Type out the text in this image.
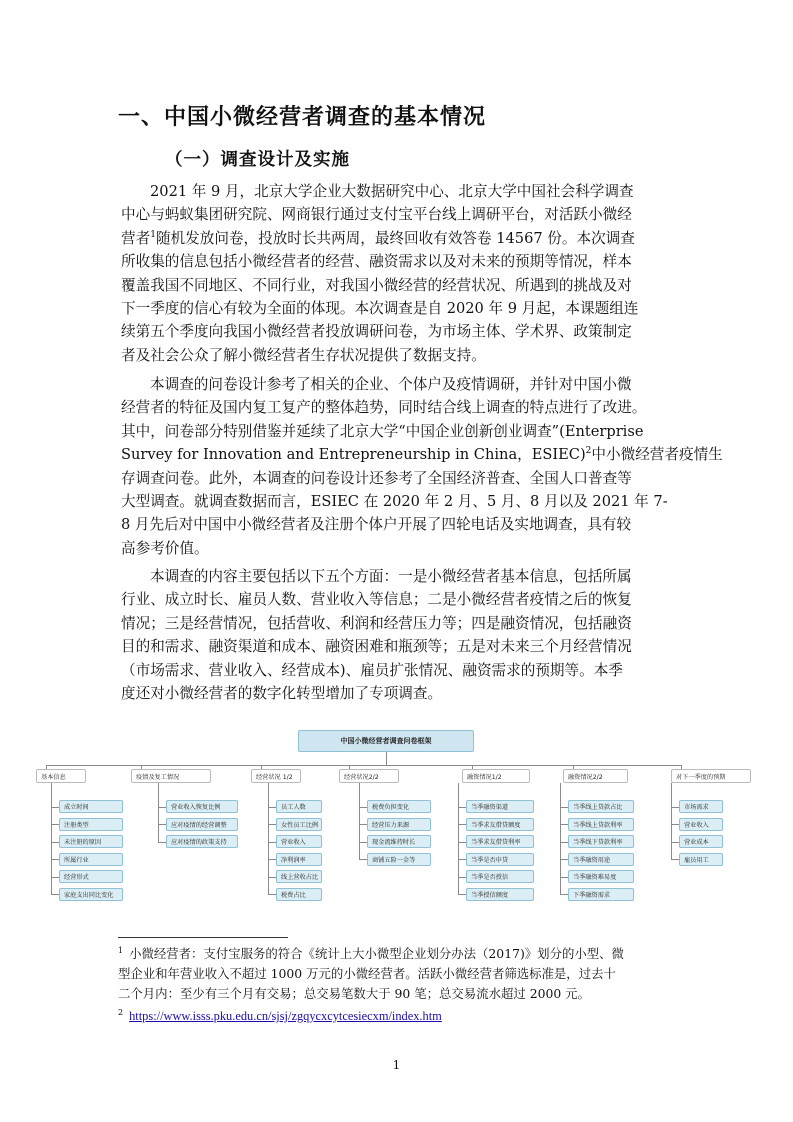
一、中国小微经营者调查的基本情况
（一）调查设计及实施
2021 年 9 月，北京大学企业大数据研究中心、北京大学中国社会科学调查
中心与蚂蚁集团研究院、网商银行通过支付宝平台线上调研平台，对活跃小微经
营者$^1$随机发放问卷，投放时长共两周，最终回收有效答卷 14567 份。本次调查
所收集的信息包括小微经营者的经营、融资需求以及对未来的预期等情况，样本
覆盖我国不同地区、不同行业，对我国小微经营的经营状况、所遇到的挑战及对
下一季度的信心有较为全面的体现。本次调查是自 2020 年 9 月起，本课题组连
续第五个季度向我国小微经营者投放调研问卷，为市场主体、学术界、政策制定
者及社会公众了解小微经营者生存状况提供了数据支持。
本调查的问卷设计参考了相关的企业、个体户及疫情调研，并针对中国小微
经营者的特征及国内复工复产的整体趋势，同时结合线上调查的特点进行了改进。
其中，问卷部分特别借鉴并延续了北京大学“中国企业创新创业调查”(Enterprise
Survey for Innovation and Entrepreneurship in China，ESIEC)$^2$中小微经营者疫情生
存调查问卷。此外，本调查的问卷设计还参考了全国经济普查、全国人口普查等
大型调查。就调查数据而言，ESIEC 在 2020 年 2 月、5 月、8 月以及 2021 年 7-
8 月先后对中国中小微经营者及注册个体户开展了四轮电话及实地调查，具有较
高参考价值。
本调查的内容主要包括以下五个方面：一是小微经营者基本信息，包括所属
行业、成立时长、雇员人数、营业收入等信息；二是小微经营者疫情之后的恢复
情况；三是经营情况，包括营收、利润和经营压力等；四是融资情况，包括融资
目的和需求、融资渠道和成本、融资困难和瓶颈等；五是对未来三个月经营情况
（市场需求、营业收入、经营成本)、雇员扩张情况、融资需求的预期等。本季
度还对小微经营者的数字化转型增加了专项调查。
中国小微经营者调查问卷框架
基本信息
成立时间
注册类型
未注册的原因
所属行业
经营形式
家庭支出同比变化
疫情及复工情况
营业收入恢复比例
应对疫情的经营调整
应对疫情的政策支持
经营状况 1/2
员工人数
女性员工比例
营业收入
净利润率
线上营收占比
税费占比
经营状况2/2
税费负担变化
经营压力来源
现金流维持时长
商铺五险一金等
融资情况1/2
当季融资渠道
当季求友借贷额度
当季求友借贷利率
当季是否申贷
当季是否授信
当季授信额度
融资情况2/2
当季线上贷款占比
当季线上贷款利率
当季线下贷款利率
当季融资用途
当季融资难易度
下季融资需求
对下一季度的预期
市场需求
营业收入
营业成本
雇员用工
$^1$ 小微经营者：支付宝服务的符合《统计上大小微型企业划分办法（2017)》划分的小型、微
型企业和年营业收入不超过 1000 万元的小微经营者。活跃小微经营者筛选标准是，过去十
二个月内：至少有三个月有交易；总交易笔数大于 90 笔；总交易流水超过 2000 元。
$^2$ https://www.isss.pku.edu.cn/sjsj/zgqycxcytcesiecxm/index.htm
1
